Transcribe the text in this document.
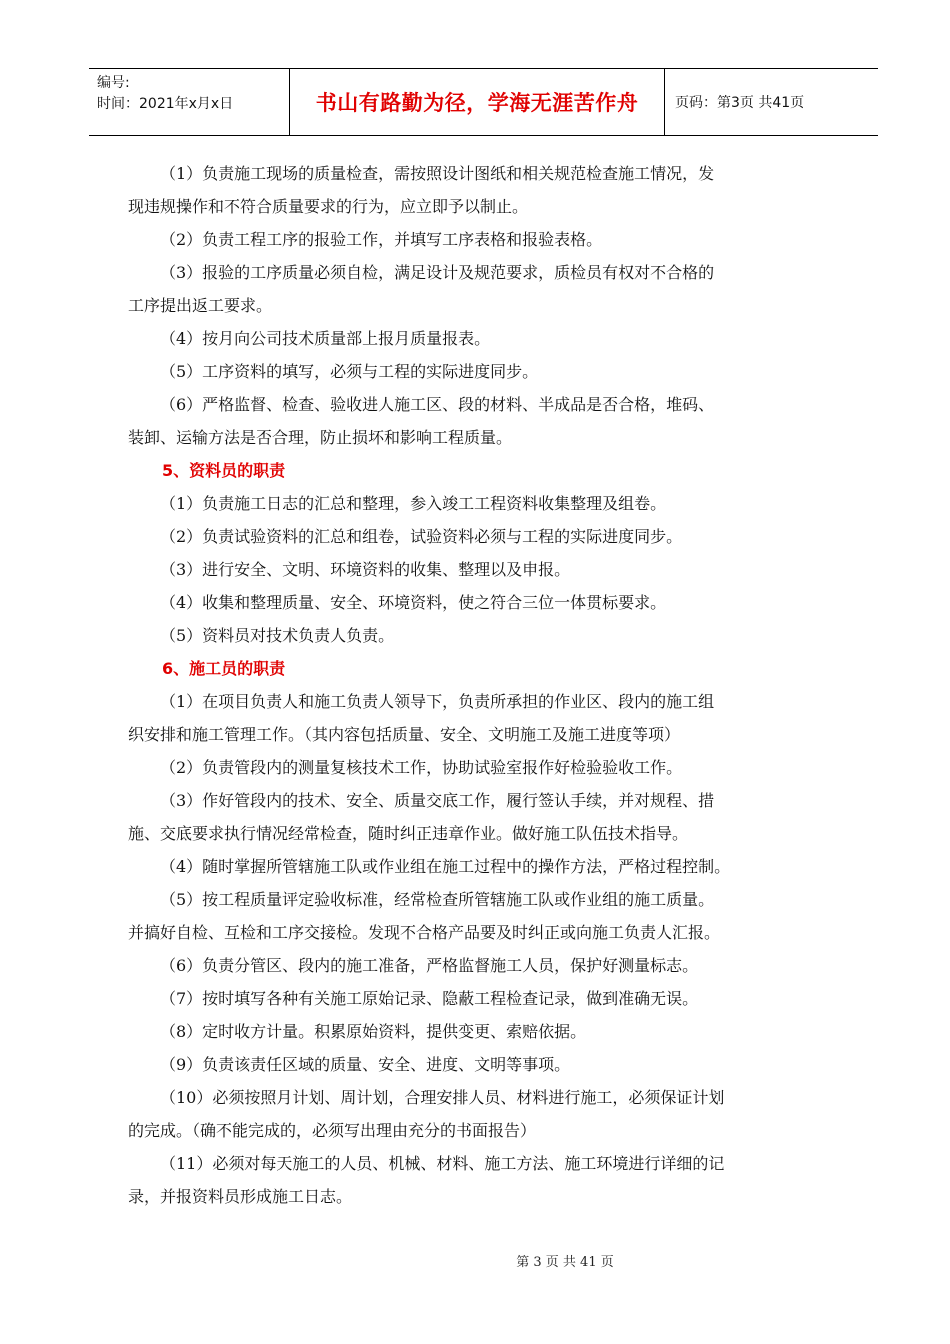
编号:
时间：2021年x月x日	书山有路勤为径，学海无涯苦作舟	页码：第3页 共41页
（1）负责施工现场的质量检查，需按照设计图纸和相关规范检查施工情况，发
现违规操作和不符合质量要求的行为，应立即予以制止。
（2）负责工程工序的报验工作，并填写工序表格和报验表格。
（3）报验的工序质量必须自检，满足设计及规范要求，质检员有权对不合格的
工序提出返工要求。
（4）按月向公司技术质量部上报月质量报表。
（5）工序资料的填写，必须与工程的实际进度同步。
（6）严格监督、检查、验收进人施工区、段的材料、半成品是否合格，堆码、
装卸、运输方法是否合理，防止损坏和影响工程质量。
5、资料员的职责
（1）负责施工日志的汇总和整理，参入竣工工程资料收集整理及组卷。
（2）负责试验资料的汇总和组卷，试验资料必须与工程的实际进度同步。
（3）进行安全、文明、环境资料的收集、整理以及申报。
（4）收集和整理质量、安全、环境资料，使之符合三位一体贯标要求。
（5）资料员对技术负责人负责。
6、施工员的职责
（1）在项目负责人和施工负责人领导下，负责所承担的作业区、段内的施工组
织安排和施工管理工作。（其内容包括质量、安全、文明施工及施工进度等项）
（2）负责管段内的测量复核技术工作，协助试验室报作好检验验收工作。
（3）作好管段内的技术、安全、质量交底工作，履行签认手续，并对规程、措
施、交底要求执行情况经常检查，随时纠正违章作业。做好施工队伍技术指导。
（4）随时掌握所管辖施工队或作业组在施工过程中的操作方法，严格过程控制。
（5）按工程质量评定验收标准，经常检查所管辖施工队或作业组的施工质量。
并搞好自检、互检和工序交接检。发现不合格产品要及时纠正或向施工负责人汇报。
（6）负责分管区、段内的施工准备，严格监督施工人员，保护好测量标志。
（7）按时填写各种有关施工原始记录、隐蔽工程检查记录，做到准确无误。
（8）定时收方计量。积累原始资料，提供变更、索赔依据。
（9）负责该责任区域的质量、安全、进度、文明等事项。
（10）必须按照月计划、周计划，合理安排人员、材料进行施工，必须保证计划
的完成。（确不能完成的，必须写出理由充分的书面报告）
（11）必须对每天施工的人员、机械、材料、施工方法、施工环境进行详细的记
录，并报资料员形成施工日志。
第 3 页 共 41 页
